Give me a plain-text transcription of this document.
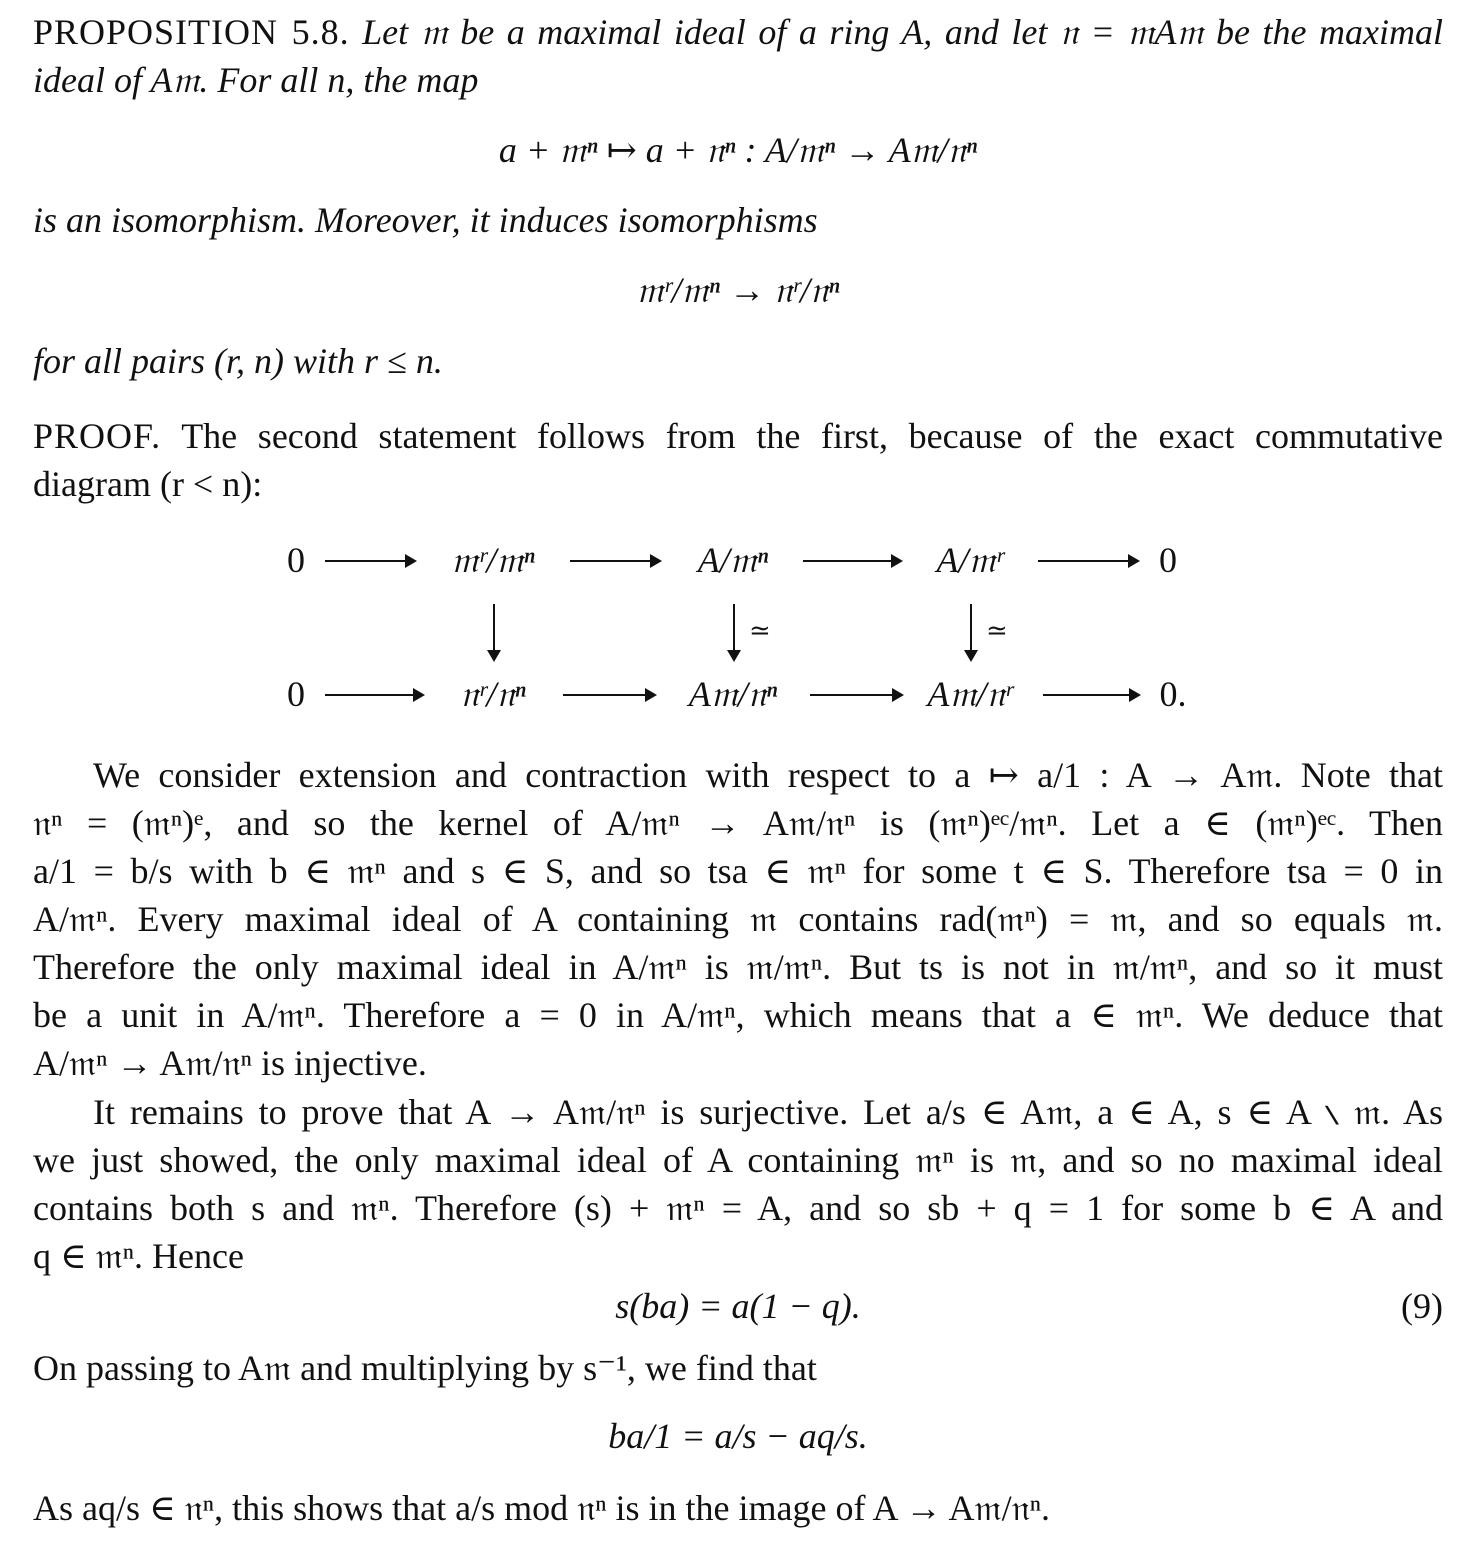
PROPOSITION 5.8. Let 𝔪 be a maximal ideal of a ring A, and let 𝔫 = 𝔪A𝔪 be the maximal
ideal of A𝔪. For all n, the map
a + 𝔪ⁿ ↦ a + 𝔫ⁿ : A/𝔪ⁿ → A𝔪/𝔫ⁿ
is an isomorphism. Moreover, it induces isomorphisms
𝔪ʳ/𝔪ⁿ → 𝔫ʳ/𝔫ⁿ
for all pairs (r, n) with r ≤ n.
PROOF. The second statement follows from the first, because of the exact commutative
diagram (r < n):
0	𝔪ʳ/𝔪ⁿ	A/𝔪ⁿ	A/𝔪ʳ	0
≃	≃
0	𝔫ʳ/𝔫ⁿ	A𝔪/𝔫ⁿ	A𝔪/𝔫ʳ	0.
We consider extension and contraction with respect to a ↦ a/1 : A → A𝔪. Note that
𝔫ⁿ = (𝔪ⁿ)ᵉ, and so the kernel of A/𝔪ⁿ → A𝔪/𝔫ⁿ is (𝔪ⁿ)ᵉᶜ/𝔪ⁿ. Let a ∈ (𝔪ⁿ)ᵉᶜ. Then
a/1 = b/s with b ∈ 𝔪ⁿ and s ∈ S, and so tsa ∈ 𝔪ⁿ for some t ∈ S. Therefore tsa = 0 in
A/𝔪ⁿ. Every maximal ideal of A containing 𝔪 contains rad(𝔪ⁿ) = 𝔪, and so equals 𝔪.
Therefore the only maximal ideal in A/𝔪ⁿ is 𝔪/𝔪ⁿ. But ts is not in 𝔪/𝔪ⁿ, and so it must
be a unit in A/𝔪ⁿ. Therefore a = 0 in A/𝔪ⁿ, which means that a ∈ 𝔪ⁿ. We deduce that
A/𝔪ⁿ → A𝔪/𝔫ⁿ is injective.
It remains to prove that A → A𝔪/𝔫ⁿ is surjective. Let a/s ∈ A𝔪, a ∈ A, s ∈ A ∖ 𝔪. As
we just showed, the only maximal ideal of A containing 𝔪ⁿ is 𝔪, and so no maximal ideal
contains both s and 𝔪ⁿ. Therefore (s) + 𝔪ⁿ = A, and so sb + q = 1 for some b ∈ A and
q ∈ 𝔪ⁿ. Hence
s(ba) = a(1 − q).	(9)
On passing to A𝔪 and multiplying by s⁻¹, we find that
ba/1 = a/s − aq/s.
As aq/s ∈ 𝔫ⁿ, this shows that a/s mod 𝔫ⁿ is in the image of A → A𝔪/𝔫ⁿ.
